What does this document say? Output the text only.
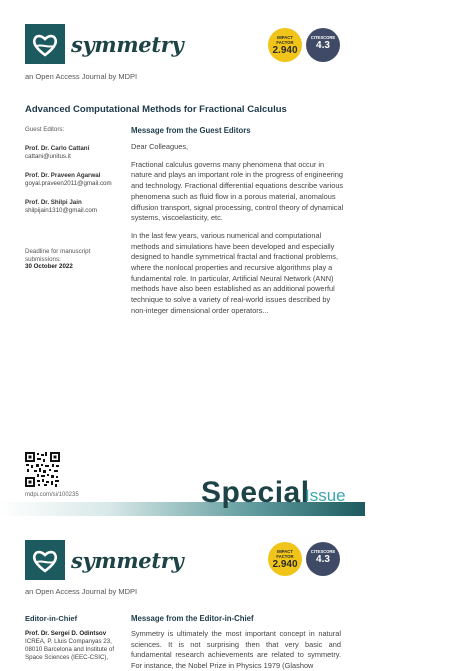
symmetry
an Open Access Journal by MDPI
IMPACT FACTOR
2.940
CITESCORE
4.3
Advanced Computational Methods for Fractional Calculus
Guest Editors:
Prof. Dr. Carlo Cattani
cattani@unitus.it
Prof. Dr. Praveen Agarwal
goyal.praveen2011@gmail.com
Prof. Dr. Shilpi Jain
shilpijain1310@gmail.com
Deadline for manuscript submissions:
30 October 2022
Message from the Guest Editors

Dear Colleagues,

Fractional calculus governs many phenomena that occur in nature and plays an important role in the progress of engineering and technology. Fractional differential equations describe various phenomena such as fluid flow in a porous material, anomalous diffusion transport, signal processing, control theory of dynamical systems, viscoelasticity, etc.

In the last few years, various numerical and computational methods and simulations have been developed and especially designed to handle symmetrical fractal and fractional problems, where the nonlocal properties and recursive algorithms play a fundamental role. In particular, Artificial Neural Network (ANN) methods have also been established as an additional powerful technique to solve a variety of real-world issues described by non-integer dimensional order operators...

mdpi.com/si/100235	Special
Issue
symmetry
an Open Access Journal by MDPI
IMPACT FACTOR
2.940
CITESCORE
4.3
Editor-in-Chief
Prof. Dr. Sergei D. Odintsov
ICREA, P. Lluis Companyas 23, 08010 Barcelona and Institute of Space Sciences (IEEC-CSIC),
Message from the Editor-in-Chief

Symmetry is ultimately the most important concept in natural sciences. It is not surprising then that very basic and fundamental research achievements are related to symmetry. For instance, the Nobel Prize in Physics 1979 (Glashow
